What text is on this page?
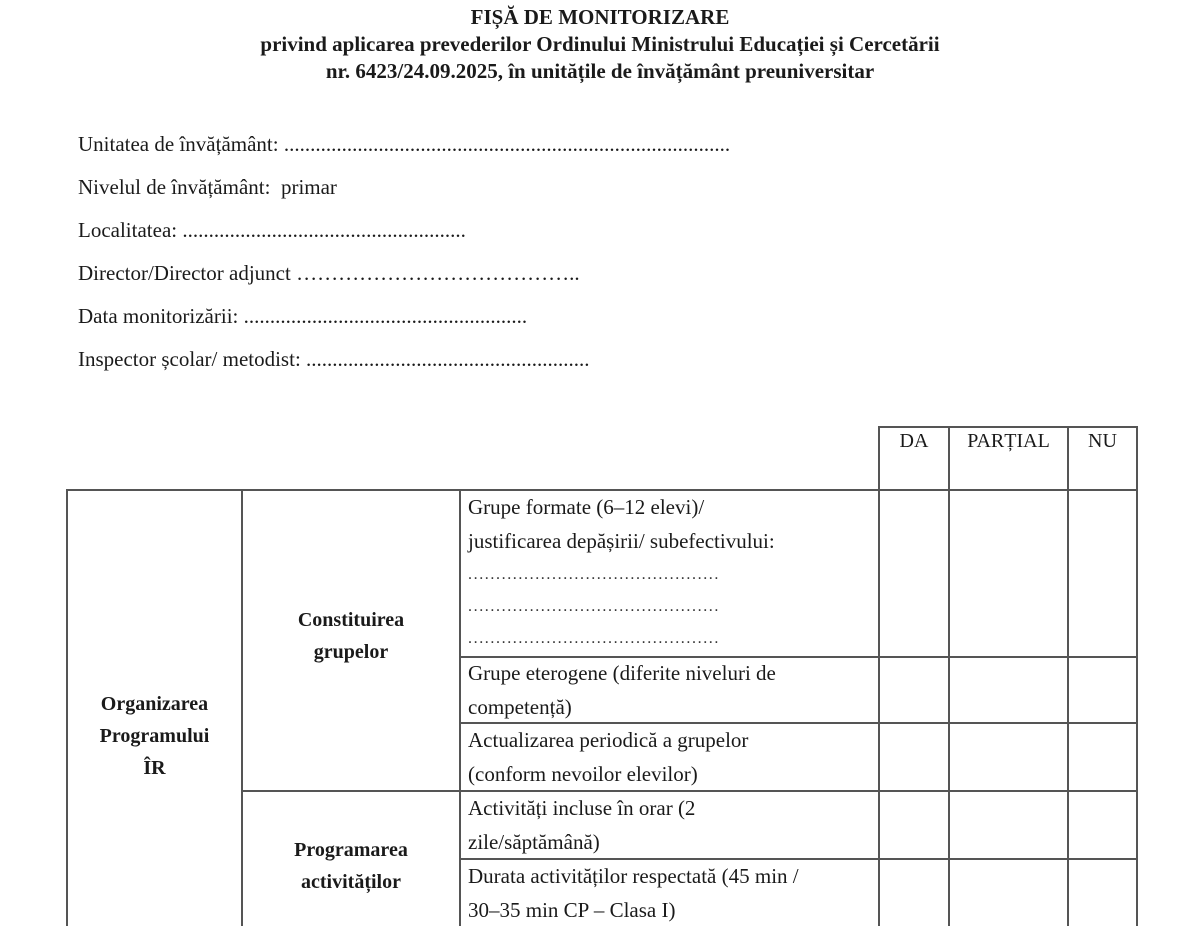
FIȘĂ DE MONITORIZARE
privind aplicarea prevederilor Ordinului Ministrului Educației și Cercetării
nr. 6423/24.09.2025, în unitățile de învățământ preuniversitar
Unitatea de învățământ: .....................................................................................
Nivelul de învățământ: primar
Localitatea: ......................................................
Director/Director adjunct …………………………………..
Data monitorizării: ......................................................
Inspector școlar/ metodist: ......................................................
DA	PARȚIAL	NU
Organizarea
Programului
ÎR
Constituirea
grupelor
Programarea
activităților
Grupe formate (6–12 elevi)/
justificarea depășirii/ subefectivului:
.............................................
.............................................
.............................................
Grupe eterogene (diferite niveluri de
competență)
Actualizarea periodică a grupelor
(conform nevoilor elevilor)
Activități incluse în orar (2
zile/săptămână)
Durata activităților respectată (45 min /
30–35 min CP – Clasa I)
